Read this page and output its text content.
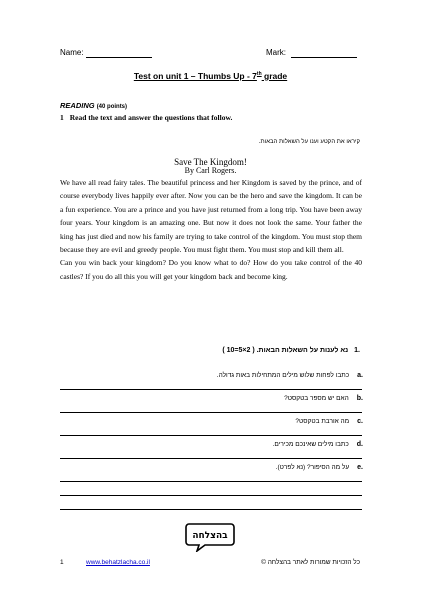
Name:	Mark:
Test on unit 1 – Thumbs Up - 7th grade
READING (40 points)
1 Read the text and answer the questions that follow.
קיראו את הקטע וענו על השאלות הבאות.
Save The Kingdom!
By Carl Rogers.
We have all read fairy tales. The beautiful princess and her Kingdom is saved by the prince, and of course everybody lives happily ever after. Now you can be the hero and save the kingdom. It can be a fun experience. You are a prince and you have just returned from a long trip. You have been away four years. Your kingdom is an amazing one. But now it does not look the same. Your father the king has just died and now his family are trying to take control of the kingdom. You must stop them because they are evil and greedy people. You must fight them. You must stop and kill them all.
Can you win back your kingdom? Do you know what to do? How do you take control of the 40 castles? If you do all this you will get your kingdom back and become king.
.1נא לענות על השאלות הבאות. ( 2×5=10 )
.aכתבו לפחות שלוש מילים המתחילות באות גדולה.
.bהאם יש מספר בטקסט?
.cמה אורבת בטקסט?
.dכתבו מילים שאינכם מכירים.
.eעל מה הסיפור? (נא לפרט).
בהצלחה
1	www.behatzlacha.co.il	כל הזכויות שמורות לאתר בהצלחה ©
